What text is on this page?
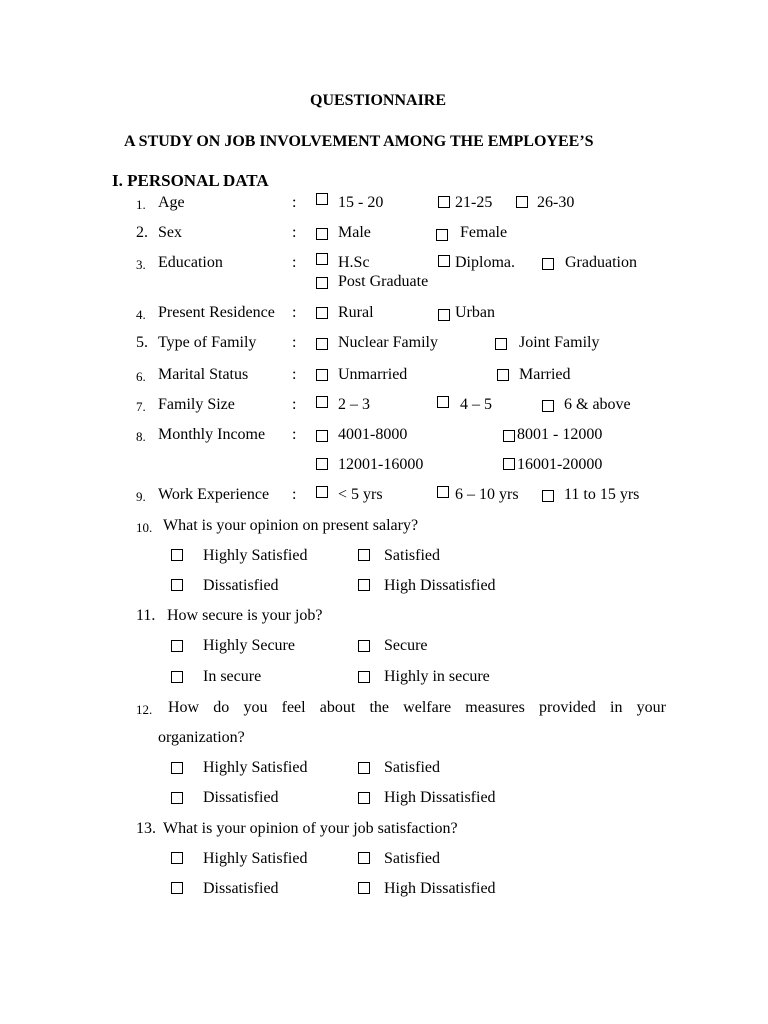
QUESTIONNAIRE
A STUDY ON JOB INVOLVEMENT AMONG THE EMPLOYEE’S
I. PERSONAL DATA
1. Age	:	15 - 20	21-25	26-30
2. Sex	:	Male	Female
3. Education	:	H.Sc	Diploma.	Graduation
Post Graduate
4. Present Residence :	Rural	Urban
5. Type of Family :	Nuclear Family	Joint Family
6. Marital Status	:	Unmarried	Married
7. Family Size	:	2 – 3	4 – 5	6 & above
8. Monthly Income :	4001-8000	8001 - 12000
12001-16000	16001-20000
9. Work Experience :	< 5 yrs	6 – 10 yrs	11 to 15 yrs
10. What is your opinion on present salary?
Highly Satisfied	Satisfied
Dissatisfied	High Dissatisfied
11. How secure is your job?
Highly Secure	Secure
In secure	Highly in secure
12. How do you feel about the welfare measures provided in your
organization?
Highly Satisfied	Satisfied
Dissatisfied	High Dissatisfied
13. What is your opinion of your job satisfaction?
Highly Satisfied	Satisfied
Dissatisfied	High Dissatisfied
